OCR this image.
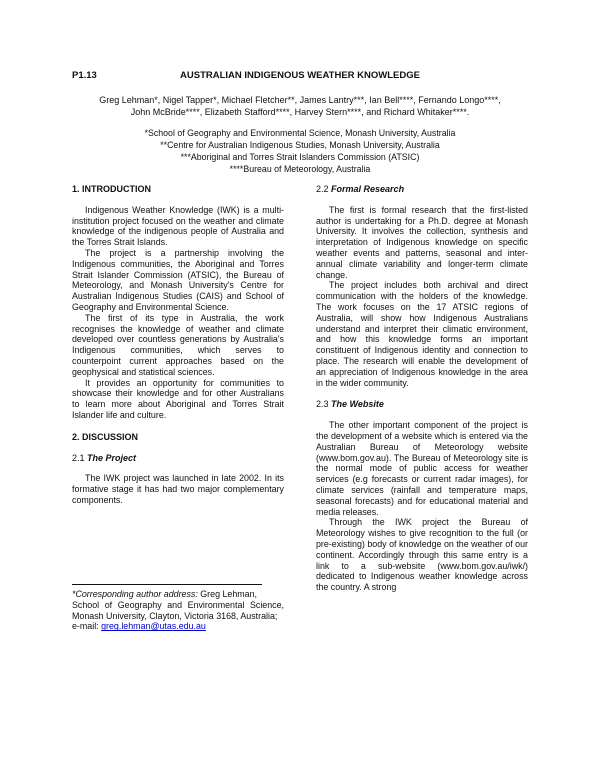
P1.13	AUSTRALIAN INDIGENOUS WEATHER KNOWLEDGE
Greg Lehman*, Nigel Tapper*, Michael Fletcher**, James Lantry***, Ian Bell****, Fernando Longo****,
John McBride****, Elizabeth Stafford****, Harvey Stern****, and Richard Whitaker****.
*School of Geography and Environmental Science, Monash University, Australia
**Centre for Australian Indigenous Studies, Monash University, Australia
***Aboriginal and Torres Strait Islanders Commission (ATSIC)
****Bureau of Meteorology, Australia
1. INTRODUCTION

Indigenous Weather Knowledge (IWK) is a multi-institution project focused on the weather and climate knowledge of the indigenous people of Australia and the Torres Strait Islands.

The project is a partnership involving the Indigenous communities, the Aboriginal and Torres Strait Islander Commission (ATSIC), the Bureau of Meteorology, and Monash University's Centre for Australian Indigenous Studies (CAIS) and School of Geography and Environmental Science.

The first of its type in Australia, the work recognises the knowledge of weather and climate developed over countless generations by Australia's Indigenous communities, which serves to counterpoint current approaches based on the geophysical and statistical sciences.

It provides an opportunity for communities to showcase their knowledge and for other Australians to learn more about Aboriginal and Torres Strait Islander life and culture.

2. DISCUSSION
2.1 The Project

The IWK project was launched in late 2002. In its formative stage it has had two major complementary components.

*Corresponding author address: Greg Lehman,
School of Geography and Environmental Science, Monash University, Clayton, Victoria 3168, Australia;
e-mail: greg.lehman@utas.edu.au
2.2 Formal Research

The first is formal research that the first-listed author is undertaking for a Ph.D. degree at Monash University. It involves the collection, synthesis and interpretation of Indigenous knowledge on specific weather events and patterns, seasonal and inter-annual climate variability and longer-term climate change.

The project includes both archival and direct communication with the holders of the knowledge. The work focuses on the 17 ATSIC regions of Australia, will show how Indigenous Australians understand and interpret their climatic environment, and how this knowledge forms an important constituent of Indigenous identity and connection to place. The research will enable the development of an appreciation of Indigenous knowledge in the area in the wider community.

2.3 The Website

The other important component of the project is the development of a website which is entered via the Australian Bureau of Meteorology website (www.bom.gov.au). The Bureau of Meteorology site is the normal mode of public access for weather services (e.g forecasts or current radar images), for climate services (rainfall and temperature maps, seasonal forecasts) and for educational material and media releases.

Through the IWK project the Bureau of Meteorology wishes to give recognition to the full (or pre-existing) body of knowledge on the weather of our continent. Accordingly through this same entry is a link to a sub-website (www.bom.gov.au/iwk/) dedicated to Indigenous weather knowledge across the country. A strong
